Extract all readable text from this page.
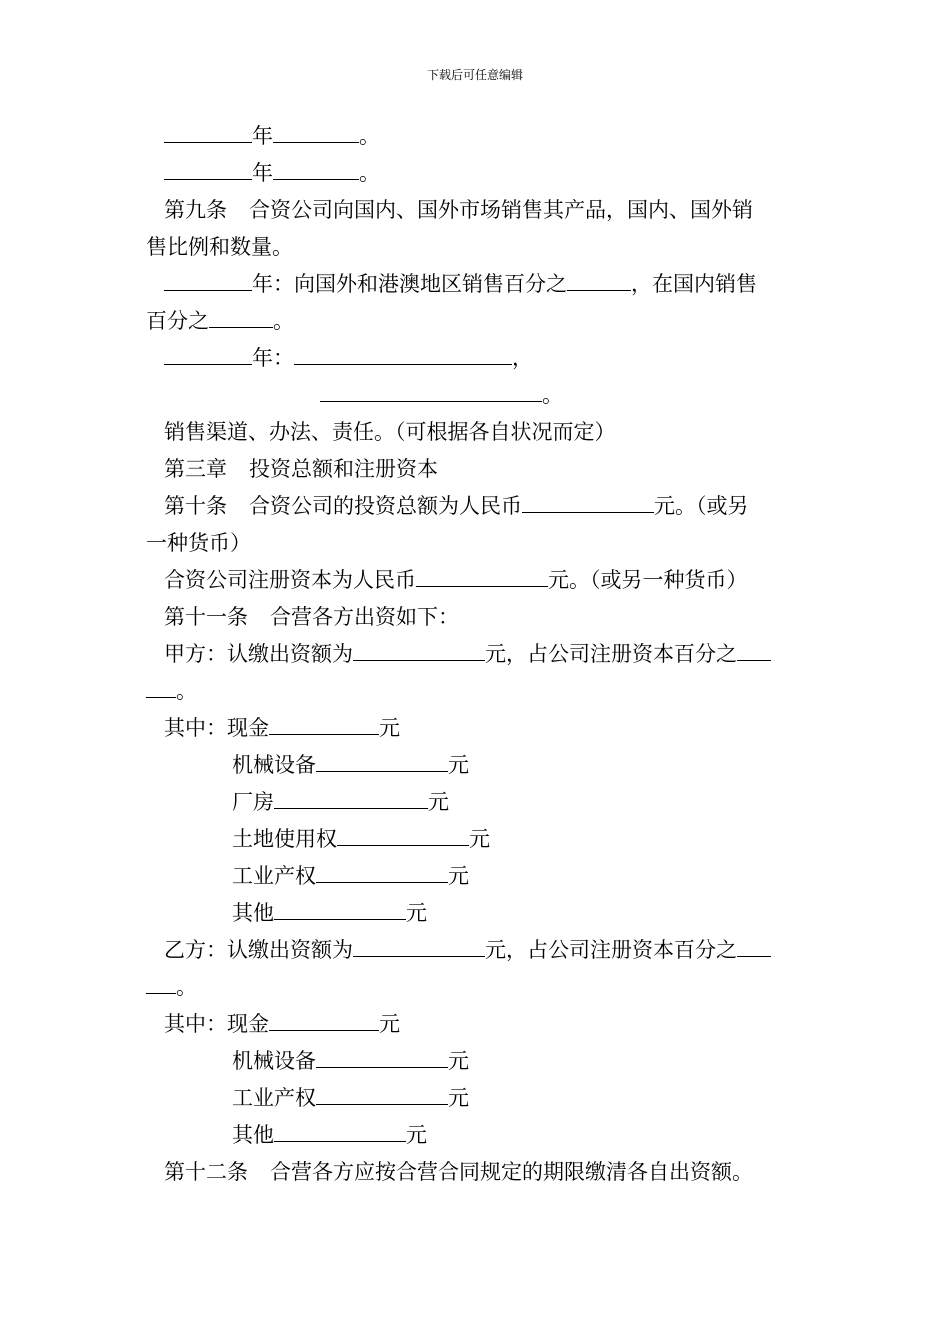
下载后可任意编辑
年	。
年	。
第九条 合资公司向国内、国外市场销售其产品，国内、国外销
售比例和数量。
年：向国外和港澳地区销售百分之	，在国内销售
百分之	。
年：	，
。
销售渠道、办法、责任。（可根据各自状况而定）
第三章 投资总额和注册资本
第十条 合资公司的投资总额为人民币	元。（或另
一种货币）
合资公司注册资本为人民币	元。（或另一种货币）
第十一条 合营各方出资如下：
甲方：认缴出资额为	元，占公司注册资本百分之
。
其中：现金	元
机械设备	元
厂房	元
土地使用权	元
工业产权	元
其他	元
乙方：认缴出资额为	元，占公司注册资本百分之
。
其中：现金	元
机械设备	元
工业产权	元
其他	元
第十二条 合营各方应按合营合同规定的期限缴清各自出资额。
